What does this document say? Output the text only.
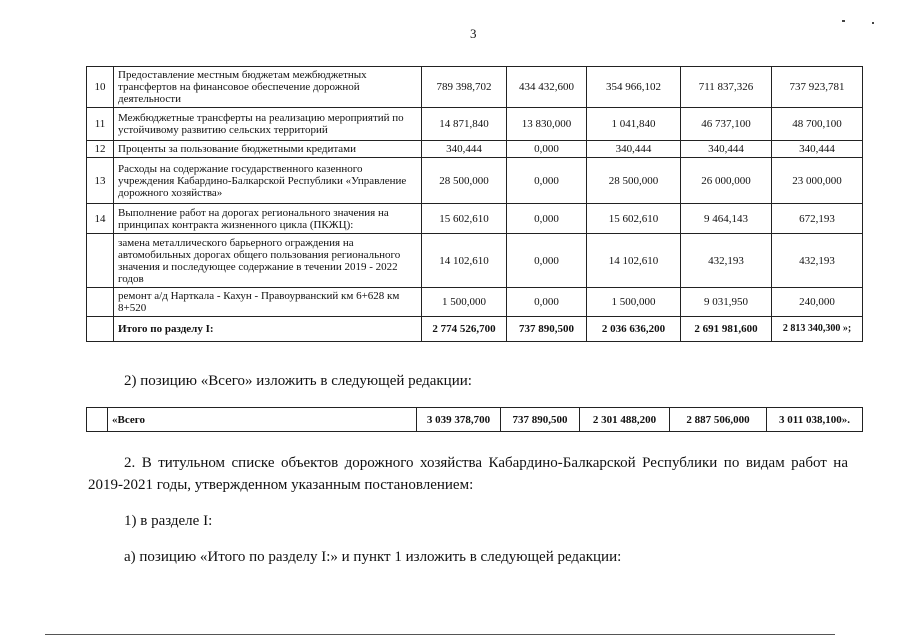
3
10	Предоставление местным бюджетам межбюджетных трансфертов на финансовое обеспечение дорожной деятельности	789 398,702	434 432,600	354 966,102	711 837,326	737 923,781
11	Межбюджетные трансферты на реализацию мероприятий по устойчивому развитию сельских территорий	14 871,840	13 830,000	1 041,840	46 737,100	48 700,100
12	Проценты за пользование бюджетными кредитами	340,444	0,000	340,444	340,444	340,444
13	Расходы на содержание государственного казенного учреждения Кабардино-Балкарской Республики «Управление дорожного хозяйства»	28 500,000	0,000	28 500,000	26 000,000	23 000,000
14	Выполнение работ на дорогах регионального значения на принципах контракта жизненного цикла (ПКЖЦ):	15 602,610	0,000	15 602,610	9 464,143	672,193
	замена металлического барьерного ограждения на автомобильных дорогах общего пользования регионального значения и последующее содержание в течении 2019 - 2022 годов	14 102,610	0,000	14 102,610	432,193	432,193
	ремонт а/д Нарткала - Кахун - Правоурванский км 6+628 км 8+520	1 500,000	0,000	1 500,000	9 031,950	240,000
	Итого по разделу I:	2 774 526,700	737 890,500	2 036 636,200	2 691 981,600	2 813 340,300 »;

2) позицию «Всего» изложить в следующей редакции:

	«Всего	3 039 378,700	737 890,500	2 301 488,200	2 887 506,000	3 011 038,100».

2. В титульном списке объектов дорожного хозяйства Кабардино-Балкарской Республики по видам работ на 2019-2021 годы, утвержденном указанным постановлением:

1) в разделе I:

а) позицию «Итого по разделу I:» и пункт 1 изложить в следующей редакции:
